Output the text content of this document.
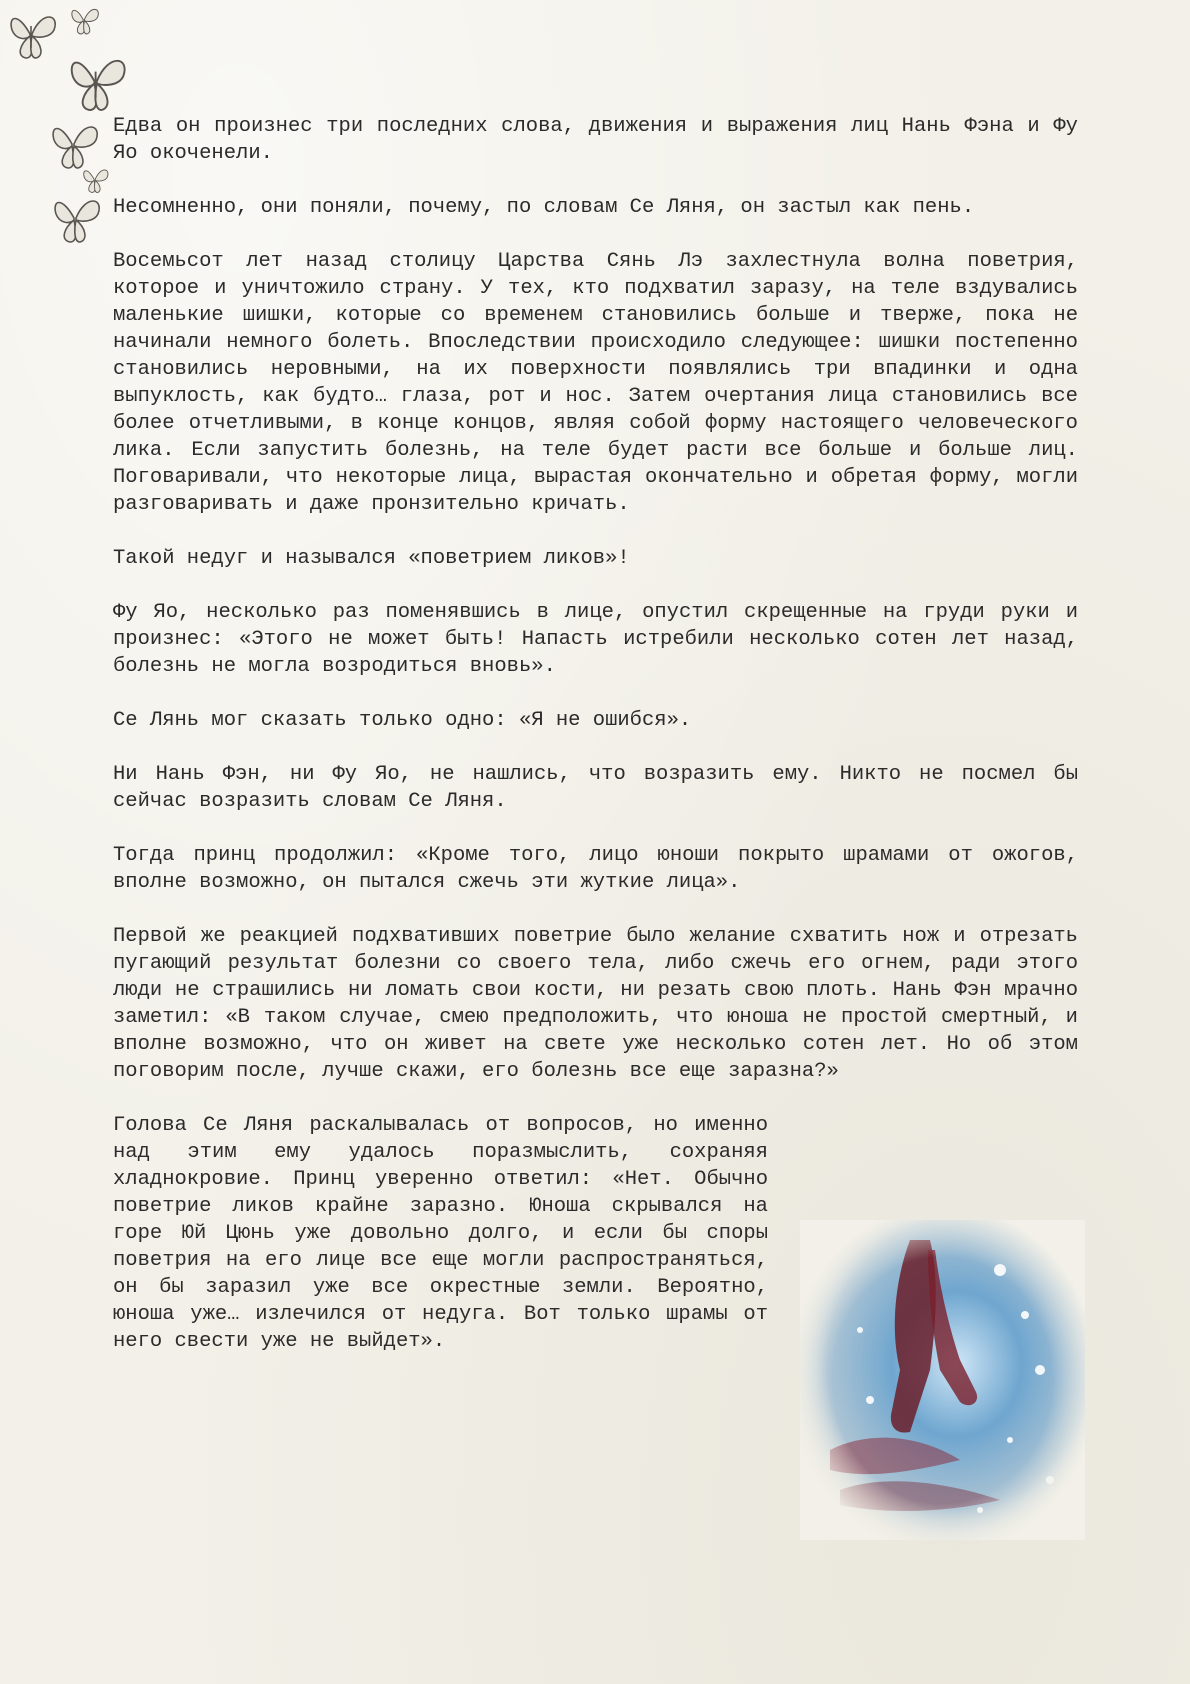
Едва он произнес три последних слова, движения и выражения лиц Нань Фэна и Фу Яо окоченели.

Несомненно, они поняли, почему, по словам Се Ляня, он застыл как пень.

Восемьсот лет назад столицу Царства Сянь Лэ захлестнула волна поветрия, которое и уничтожило страну. У тех, кто подхватил заразу, на теле вздувались маленькие шишки, которые со временем становились больше и тверже, пока не начинали немного болеть. Впоследствии происходило следующее: шишки постепенно становились неровными, на их поверхности появлялись три впадинки и одна выпуклость, как будто… глаза, рот и нос. Затем очертания лица становились все более отчетливыми, в конце концов, являя собой форму настоящего человеческого лика. Если запустить болезнь, на теле будет расти все больше и больше лиц. Поговаривали, что некоторые лица, вырастая окончательно и обретая форму, могли разговаривать и даже пронзительно кричать.

Такой недуг и назывался «поветрием ликов»!

Фу Яо, несколько раз поменявшись в лице, опустил скрещенные на груди руки и произнес: «Этого не может быть! Напасть истребили несколько сотен лет назад, болезнь не могла возродиться вновь».

Се Лянь мог сказать только одно: «Я не ошибся».

Ни Нань Фэн, ни Фу Яо, не нашлись, что возразить ему. Никто не посмел бы сейчас возразить словам Се Ляня.

Тогда принц продолжил: «Кроме того, лицо юноши покрыто шрамами от ожогов, вполне возможно, он пытался сжечь эти жуткие лица».

Первой же реакцией подхвативших поветрие было желание схватить нож и отрезать пугающий результат болезни со своего тела, либо сжечь его огнем, ради этого люди не страшились ни ломать свои кости, ни резать свою плоть. Нань Фэн мрачно заметил: «В таком случае, смею предположить, что юноша не простой смертный, и вполне возможно, что он живет на свете уже несколько сотен лет. Но об этом поговорим после, лучше скажи, его болезнь все еще заразна?»

Голова Се Ляня раскалывалась от вопросов, но именно над этим ему удалось поразмыслить, сохраняя хладнокровие. Принц уверенно ответил: «Нет. Обычно поветрие ликов крайне заразно. Юноша скрывался на горе Юй Цюнь уже довольно долго, и если бы споры поветрия на его лице все еще могли распространяться, он бы заразил уже все окрестные земли. Вероятно, юноша уже… излечился от недуга. Вот только шрамы от него свести уже не выйдет».
